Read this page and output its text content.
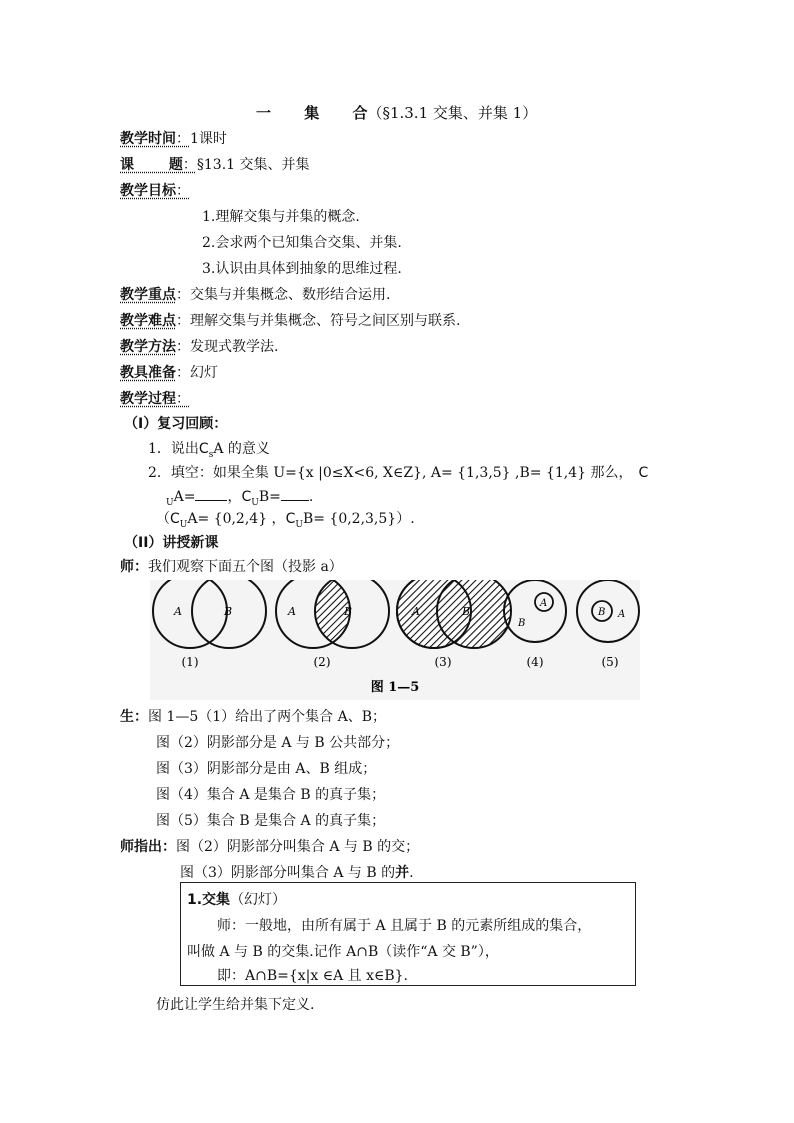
一 集 合（§1.3.1 交集、并集 1）
教学时间：1课时
课 题：§13.1 交集、并集
教学目标：
1.理解交集与并集的概念.
2.会求两个已知集合交集、并集.
3.认识由具体到抽象的思维过程.
教学重点：交集与并集概念、数形结合运用.
教学难点：理解交集与并集概念、符号之间区别与联系.
教学方法：发现式教学法.
教具准备：幻灯
教学过程：
（I）复习回顾：
1．说出$C_sA$ 的意义
2．填空：如果全集 U={x |0≤X<6, X∈Z}, A= {1,3,5} ,B= {1,4} 那么， C
$_U$A= ，$C_UB=$ .
（$C_UA= \{0,2,4\}$ ，$C_UB= \{0,2,3,5\}$）.
（II）讲授新课
师：我们观察下面五个图（投影 a）
A	B	A	B	A	B
A
B
B A
(1)	(2)	(3)	(4)	(5)
图 1—5
生：图 1—5（1）给出了两个集合 A、B；
图（2）阴影部分是 A 与 B 公共部分；
图（3）阴影部分是由 A、B 组成；
图（4）集合 A 是集合 B 的真子集；
图（5）集合 B 是集合 A 的真子集；
师指出：图（2）阴影部分叫集合 A 与 B 的交；
图（3）阴影部分叫集合 A 与 B 的并.
1.交集（幻灯）
师：一般地，由所有属于 A 且属于 B 的元素所组成的集合，
叫做 A 与 B 的交集.记作 A∩B（读作“A 交 B”），
即：A∩B={x|x ∈A 且 x∈B}.
仿此让学生给并集下定义.
